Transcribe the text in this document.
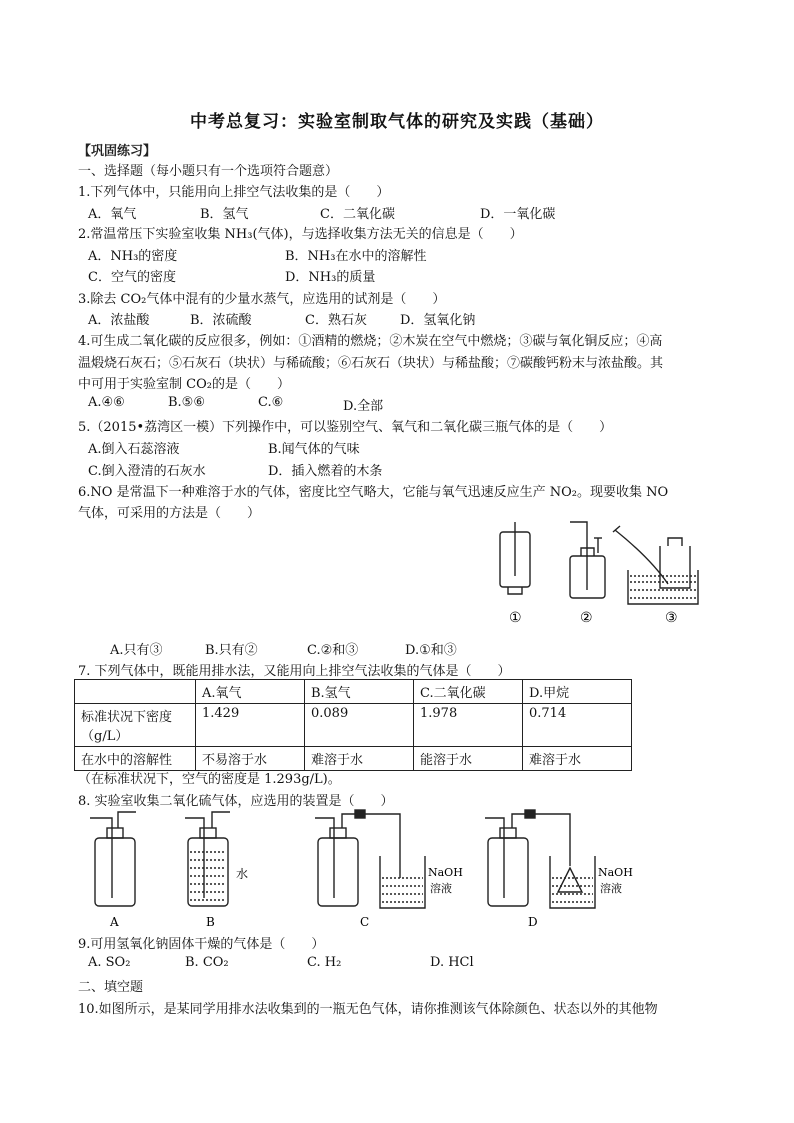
中考总复习：实验室制取气体的研究及实践（基础）
【巩固练习】
一、选择题（每小题只有一个选项符合题意）
1.下列气体中，只能用向上排空气法收集的是（　　）
A．氧气	B．氢气	C．二氧化碳	D．一氧化碳
2.常温常压下实验室收集 NH₃(气体)，与选择收集方法无关的信息是（　　）
A．NH₃的密度	B．NH₃在水中的溶解性
C．空气的密度	D．NH₃的质量
3.除去 CO₂气体中混有的少量水蒸气，应选用的试剂是（　　）
A．浓盐酸	B．浓硫酸	C．熟石灰	D．氢氧化钠
4.可生成二氧化碳的反应很多，例如：①酒精的燃烧；②木炭在空气中燃烧；③碳与氧化铜反应；④高
温煅烧石灰石；⑤石灰石（块状）与稀硫酸；⑥石灰石（块状）与稀盐酸；⑦碳酸钙粉末与浓盐酸。其
中可用于实验室制 CO₂的是（　　）
A.④⑥	B.⑤⑥	C.⑥	D.全部
5.（2015•荔湾区一模）下列操作中，可以鉴别空气、氧气和二氧化碳三瓶气体的是（　　）
A.倒入石蕊溶液	B.闻气体的气味
C.倒入澄清的石灰水	D．插入燃着的木条
6.NO 是常温下一种难溶于水的气体，密度比空气略大，它能与氧气迅速反应生产 NO₂。现要收集 NO
气体，可采用的方法是（　　）
①	②	③
A.只有③	B.只有②	C.②和③	D.①和③
7. 下列气体中，既能用排水法，又能用向上排空气法收集的气体是（　　）
	A.氧气	B.氢气	C.二氧化碳	D.甲烷

标准状况下密度
（g/L）	1.429	0.089	1.978	0.714
在水中的溶解性	不易溶于水	难溶于水	能溶于水	难溶于水
（在标准状况下，空气的密度是 1.293g/L)。
8. 实验室收集二氧化硫气体，应选用的装置是（　　）
水	NaOH
溶液
NaOH
溶液
A	B	C	D
9.可用氢氧化钠固体干燥的气体是（　　）
A. SO₂	B. CO₂	C. H₂	D. HCl
二、填空题
10.如图所示，是某同学用排水法收集到的一瓶无色气体，请你推测该气体除颜色、状态以外的其他物
